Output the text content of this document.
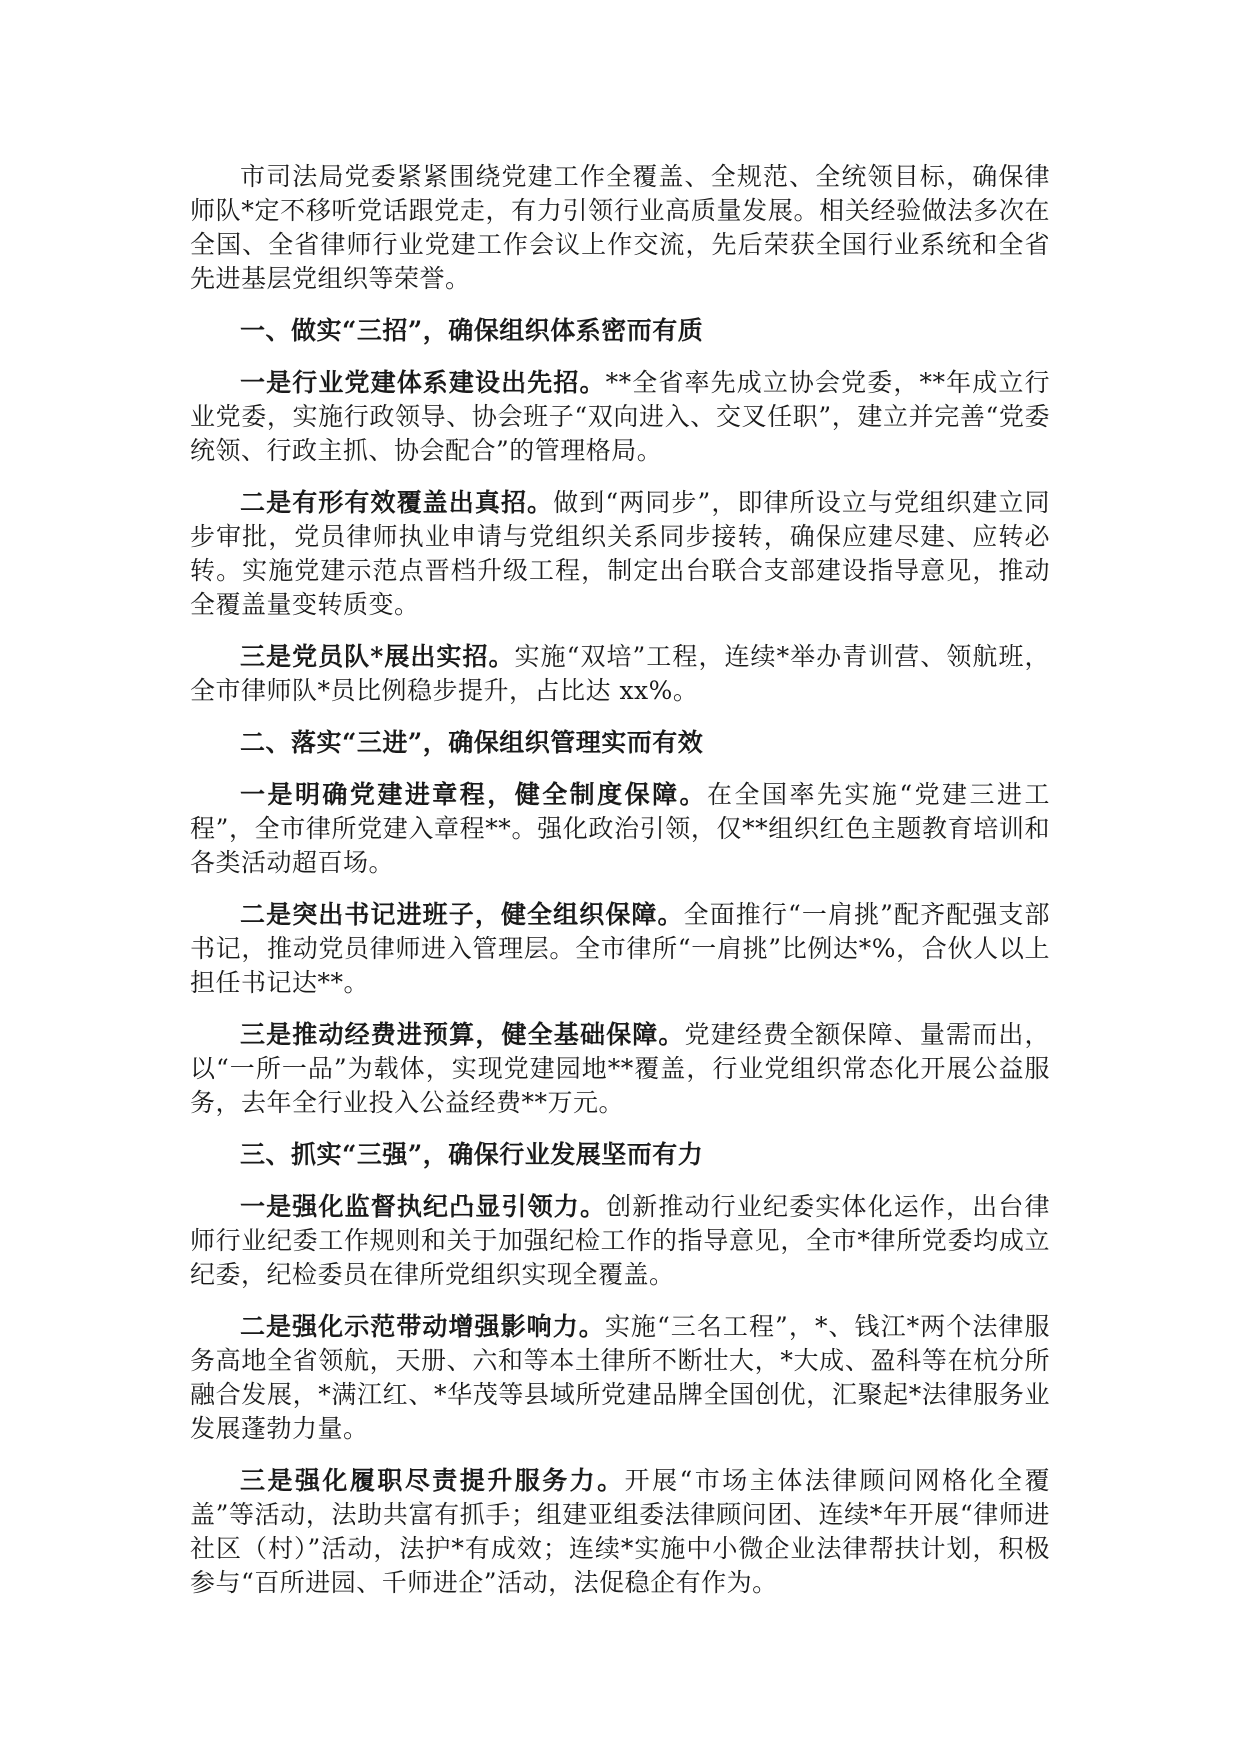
市司法局党委紧紧围绕党建工作全覆盖、全规范、全统领目标，确保律师队*定不移听党话跟党走，有力引领行业高质量发展。相关经验做法多次在全国、全省律师行业党建工作会议上作交流，先后荣获全国行业系统和全省先进基层党组织等荣誉。

一、做实“三招”，确保组织体系密而有质

一是行业党建体系建设出先招。**全省率先成立协会党委，**年成立行业党委，实施行政领导、协会班子“双向进入、交叉任职”，建立并完善“党委统领、行政主抓、协会配合”的管理格局。

二是有形有效覆盖出真招。做到“两同步”，即律所设立与党组织建立同步审批，党员律师执业申请与党组织关系同步接转，确保应建尽建、应转必转。实施党建示范点晋档升级工程，制定出台联合支部建设指导意见，推动全覆盖量变转质变。

三是党员队*展出实招。实施“双培”工程，连续*举办青训营、领航班，全市律师队*员比例稳步提升，占比达 xx%。

二、落实“三进”，确保组织管理实而有效

一是明确党建进章程，健全制度保障。在全国率先实施“党建三进工程”，全市律所党建入章程**。强化政治引领，仅**组织红色主题教育培训和各类活动超百场。

二是突出书记进班子，健全组织保障。全面推行“一肩挑”配齐配强支部书记，推动党员律师进入管理层。全市律所“一肩挑”比例达*%，合伙人以上担任书记达**。

三是推动经费进预算，健全基础保障。党建经费全额保障、量需而出，以“一所一品”为载体，实现党建园地**覆盖，行业党组织常态化开展公益服务，去年全行业投入公益经费**万元。

三、抓实“三强”，确保行业发展坚而有力

一是强化监督执纪凸显引领力。创新推动行业纪委实体化运作，出台律师行业纪委工作规则和关于加强纪检工作的指导意见，全市*律所党委均成立纪委，纪检委员在律所党组织实现全覆盖。

二是强化示范带动增强影响力。实施“三名工程”，*、钱江*两个法律服务高地全省领航，天册、六和等本土律所不断壮大，*大成、盈科等在杭分所融合发展，*满江红、*华茂等县域所党建品牌全国创优，汇聚起*法律服务业发展蓬勃力量。

三是强化履职尽责提升服务力。开展“市场主体法律顾问网格化全覆盖”等活动，法助共富有抓手；组建亚组委法律顾问团、连续*年开展“律师进社区（村）”活动，法护*有成效；连续*实施中小微企业法律帮扶计划，积极参与“百所进园、千师进企”活动，法促稳企有作为。
